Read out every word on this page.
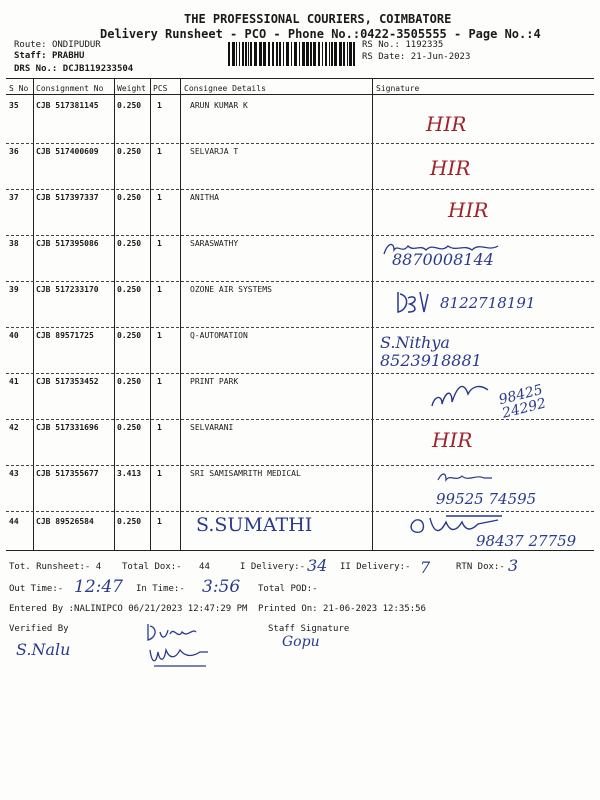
THE PROFESSIONAL COURIERS, COIMBATORE
Delivery Runsheet - PCO - Phone No.:0422-3505555 - Page No.:4
Route: ONDIPUDUR
Staff: PRABHU
DRS No.: DCJB119233504
RS No.: 1192335
RS Date: 21-Jun-2023
S No Consignment No Weight PCS Consignee Details	Signature
35 CJB 517381145 0.250 1	ARUN KUMAR K
HIR
36 CJB 517400609 0.250 1	SELVARJA T
HIR
37 CJB 517397337 0.250 1	ANITHA
HIR
38 CJB 517395086 0.250 1	SARASWATHY
8870008144
39 CJB 517233170 0.250 1	OZONE AIR SYSTEMS
8122718191
40 CJB 89571725	0.250 1	Q-AUTOMATION	S.Nithya 8523918881
41 CJB 517353452 0.250 1	PRINT PARK
98425 24292
42 CJB 517331696 0.250 1	SELVARANI
HIR
43 CJB 517355677 3.413 1	SRI SAMISAMRITH MEDICAL
99525 74595
44 CJB 89526584	0.250 1 S.SUMATHI
98437 27759
Tot. Runsheet:- 4 Total Dox:- 44	I Delivery:- 34 II Delivery:- 7	RTN Dox:- 3
Out Time:- 12:47 In Time:- 3:56 Total POD:-
Entered By :NALINIPCO 06/21/2023 12:47:29 PM Printed On: 21-06-2023 12:35:56
Verified By	Staff Signature
S.Nalu	Gopu
